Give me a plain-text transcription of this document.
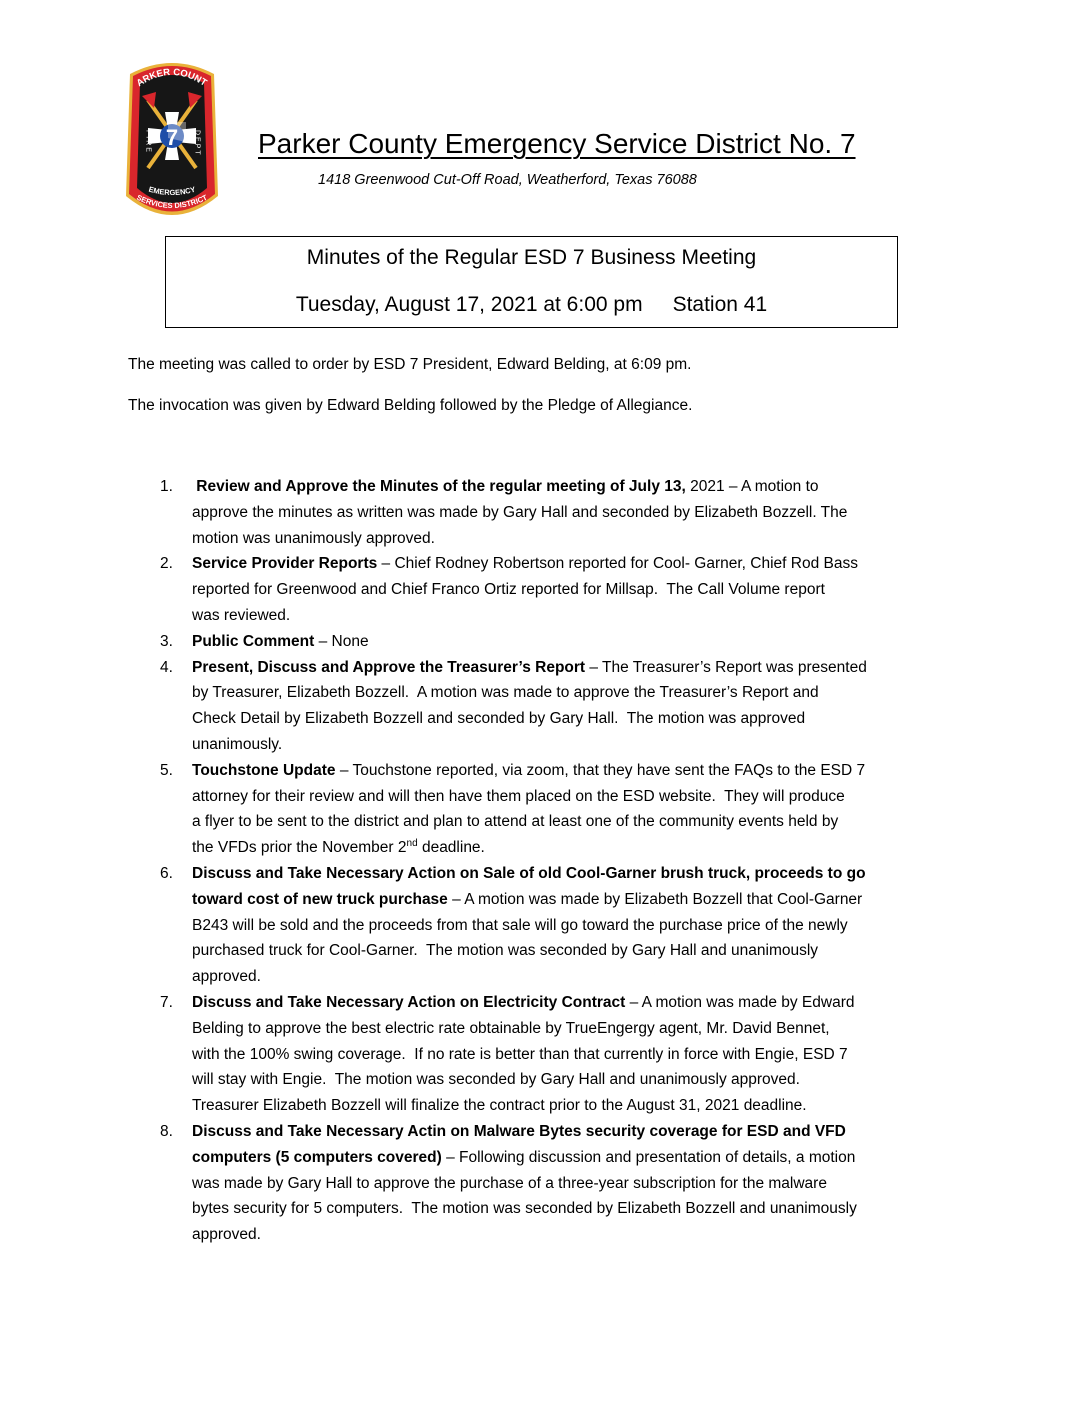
ARKER COUNT
7
FIRE	DEPT
EMERGENCY
SERVICES DISTRICT
Parker County Emergency Service District No. 7
1418 Greenwood Cut-Off Road, Weatherford, Texas 76088
Minutes of the Regular ESD 7 Business Meeting
Tuesday, August 17, 2021 at 6:00 pm Station 41

The meeting was called to order by ESD 7 President, Edward Belding, at 6:09 pm.

The invocation was given by Edward Belding followed by the Pledge of Allegiance.

1. Review and Approve the Minutes of the regular meeting of July 13, 2021 – A motion to
approve the minutes as written was made by Gary Hall and seconded by Elizabeth Bozzell. The
motion was unanimously approved.
2. Service Provider Reports – Chief Rodney Robertson reported for Cool- Garner, Chief Rod Bass
reported for Greenwood and Chief Franco Ortiz reported for Millsap.  The Call Volume report
was reviewed.
3. Public Comment – None
4. Present, Discuss and Approve the Treasurer’s Report – The Treasurer’s Report was presented
by Treasurer, Elizabeth Bozzell.  A motion was made to approve the Treasurer’s Report and
Check Detail by Elizabeth Bozzell and seconded by Gary Hall.  The motion was approved
unanimously.
5. Touchstone Update – Touchstone reported, via zoom, that they have sent the FAQs to the ESD 7
attorney for their review and will then have them placed on the ESD website.  They will produce
a flyer to be sent to the district and plan to attend at least one of the community events held by
the VFDs prior the November 2nd deadline.
6. Discuss and Take Necessary Action on Sale of old Cool-Garner brush truck, proceeds to go
toward cost of new truck purchase – A motion was made by Elizabeth Bozzell that Cool-Garner
B243 will be sold and the proceeds from that sale will go toward the purchase price of the newly
purchased truck for Cool-Garner.  The motion was seconded by Gary Hall and unanimously
approved.
7. Discuss and Take Necessary Action on Electricity Contract – A motion was made by Edward
Belding to approve the best electric rate obtainable by TrueEngergy agent, Mr. David Bennet,
with the 100% swing coverage.  If no rate is better than that currently in force with Engie, ESD 7
will stay with Engie.  The motion was seconded by Gary Hall and unanimously approved.
Treasurer Elizabeth Bozzell will finalize the contract prior to the August 31, 2021 deadline.
8. Discuss and Take Necessary Actin on Malware Bytes security coverage for ESD and VFD
computers (5 computers covered) – Following discussion and presentation of details, a motion
was made by Gary Hall to approve the purchase of a three-year subscription for the malware
bytes security for 5 computers.  The motion was seconded by Elizabeth Bozzell and unanimously
approved.
